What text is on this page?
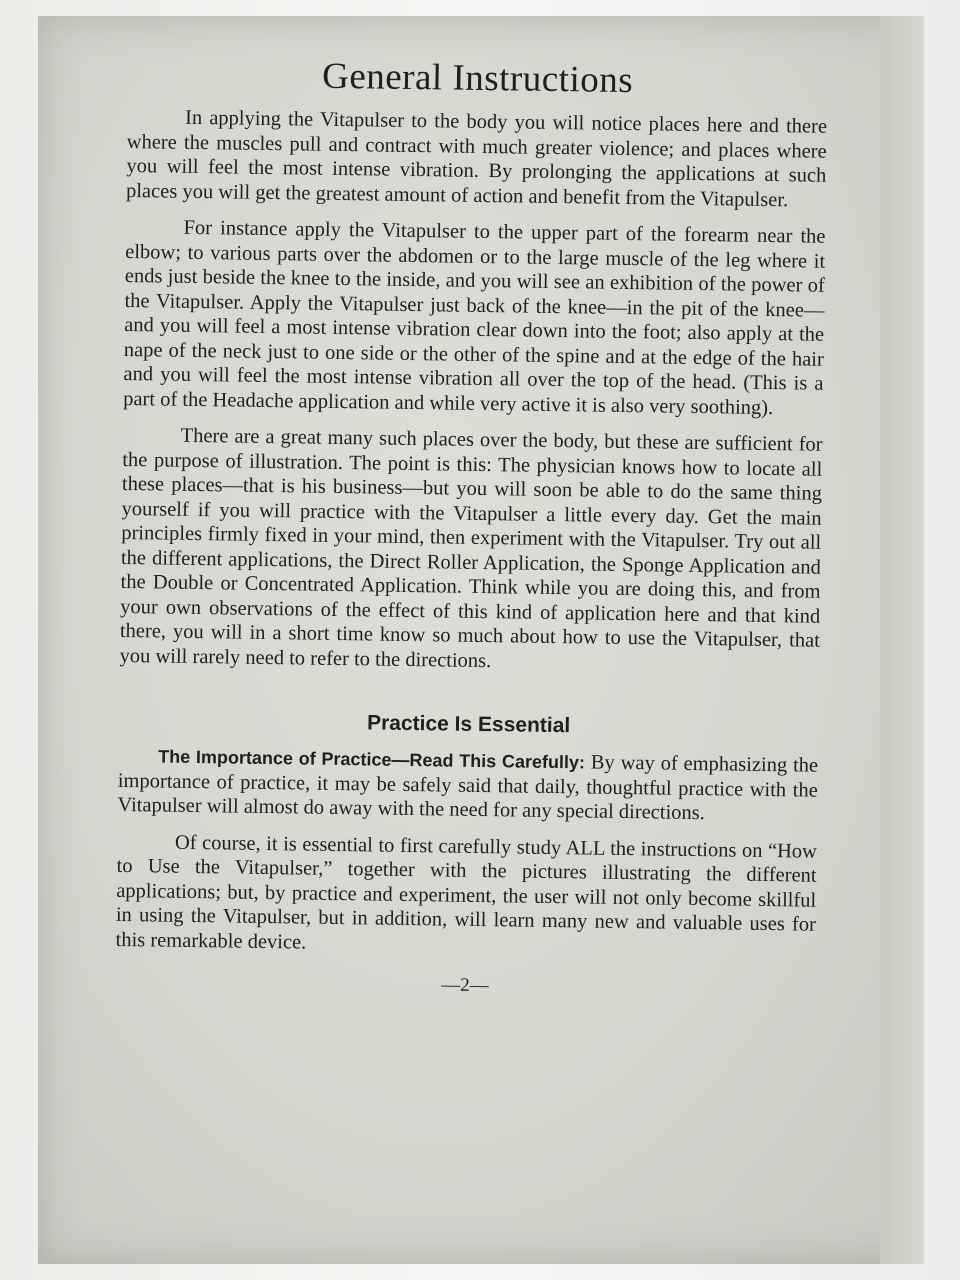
General Instructions

In applying the Vitapulser to the body you will notice places here and there where the muscles pull and contract with much greater violence; and places where you will feel the most intense vibration. By prolonging the applications at such places you will get the greatest amount of action and benefit from the Vitapulser.

For instance apply the Vitapulser to the upper part of the forearm near the elbow; to various parts over the abdomen or to the large muscle of the leg where it ends just beside the knee to the inside, and you will see an exhibition of the power of the Vitapulser. Apply the Vitapulser just back of the knee—in the pit of the knee—and you will feel a most intense vibration clear down into the foot; also apply at the nape of the neck just to one side or the other of the spine and at the edge of the hair and you will feel the most intense vibration all over the top of the head. (This is a part of the Headache application and while very active it is also very soothing).

There are a great many such places over the body, but these are sufficient for the purpose of illustration. The point is this: The physician knows how to locate all these places—that is his business—but you will soon be able to do the same thing yourself if you will practice with the Vitapulser a little every day. Get the main principles firmly fixed in your mind, then experiment with the Vitapulser. Try out all the different applications, the Direct Roller Application, the Sponge Application and the Double or Concentrated Application. Think while you are doing this, and from your own observations of the effect of this kind of application here and that kind there, you will in a short time know so much about how to use the Vitapulser, that you will rarely need to refer to the directions.

Practice Is Essential

The Importance of Practice—Read This Carefully: By way of emphasizing the importance of practice, it may be safely said that daily, thoughtful practice with the Vitapulser will almost do away with the need for any special directions.

Of course, it is essential to first carefully study ALL the instructions on “How to Use the Vitapulser,” together with the pictures illustrating the different applications; but, by practice and experiment, the user will not only become skillful in using the Vitapulser, but in addition, will learn many new and valuable uses for this remarkable device.

—2—
